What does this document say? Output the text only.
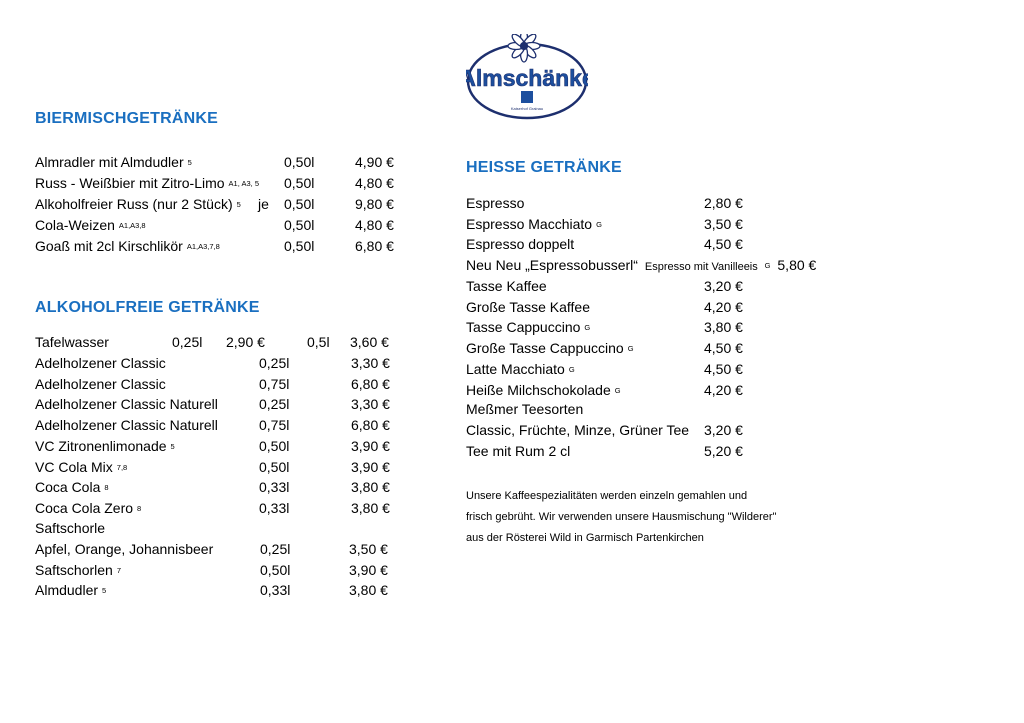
Almschänke
Kaiserhof Grainau
BIERMISCHGETRÄNKE
Almradler mit Almdudler 5	0,50l	4,90 €
Russ - Weißbier mit Zitro-Limo A1, A3, 5 0,50l	4,80 €
Alkoholfreier Russ (nur 2 Stück) 5 je 0,50l	9,80 €
Cola-Weizen A1,A3,8	0,50l	4,80 €
Goaß mit 2cl Kirschlikör A1,A3,7,8	0,50l	6,80 €
ALKOHOLFREIE GETRÄNKE
Tafelwasser	0,25l 2,90 €	0,5l 3,60 €
Adelholzener Classic	0,25l	3,30 €
Adelholzener Classic	0,75l	6,80 €
Adelholzener Classic Naturell	0,25l	3,30 €
Adelholzener Classic Naturell	0,75l	6,80 €
VC Zitronenlimonade 5	0,50l	3,90 €
VC Cola Mix 7,8	0,50l	3,90 €
Coca Cola 8	0,33l	3,80 €
Coca Cola Zero 8	0,33l	3,80 €
Saftschorle
Apfel, Orange, Johannisbeer	0,25l	3,50 €
Saftschorlen 7	0,50l	3,90 €
Almdudler 5	0,33l	3,80 €
HEISSE GETRÄNKE
Espresso	2,80 €
Espresso Macchiato G	3,50 €
Espresso doppelt	4,50 €
Neu Neu „Espressobusserl“ Espresso mit Vanilleeis G 5,80 €
Tasse Kaffee	3,20 €
Große Tasse Kaffee	4,20 €
Tasse Cappuccino G	3,80 €
Große Tasse Cappuccino G	4,50 €
Latte Macchiato G	4,50 €
Heiße Milchschokolade G	4,20 €
Meßmer Teesorten
Classic, Früchte, Minze, Grüner Tee 3,20 €
Tee mit Rum 2 cl	5,20 €
Unsere Kaffeespezialitäten werden einzeln gemahlen und
frisch gebrüht. Wir verwenden unsere Hausmischung "Wilderer"
aus der Rösterei Wild in Garmisch Partenkirchen
